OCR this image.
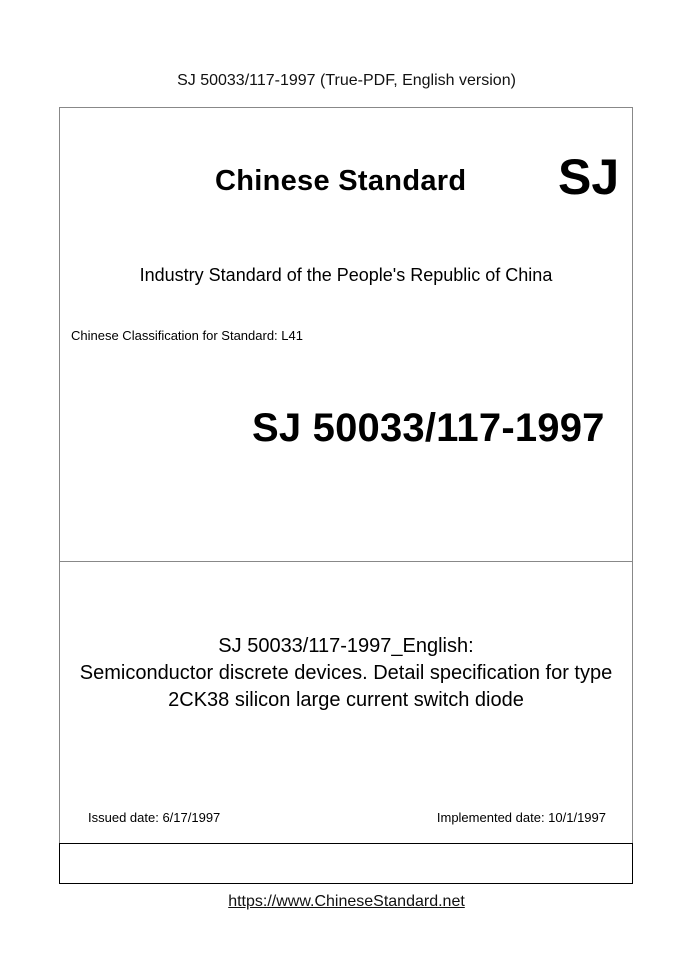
SJ 50033/117-1997 (True-PDF, English version)
Chinese Standard SJ
Industry Standard of the People's Republic of China
Chinese Classification for Standard: L41
SJ 50033/117-1997
SJ 50033/117-1997_English:
Semiconductor discrete devices. Detail specification for type
2CK38 silicon large current switch diode
Issued date: 6/17/1997	Implemented date: 10/1/1997
https://www.ChineseStandard.net
